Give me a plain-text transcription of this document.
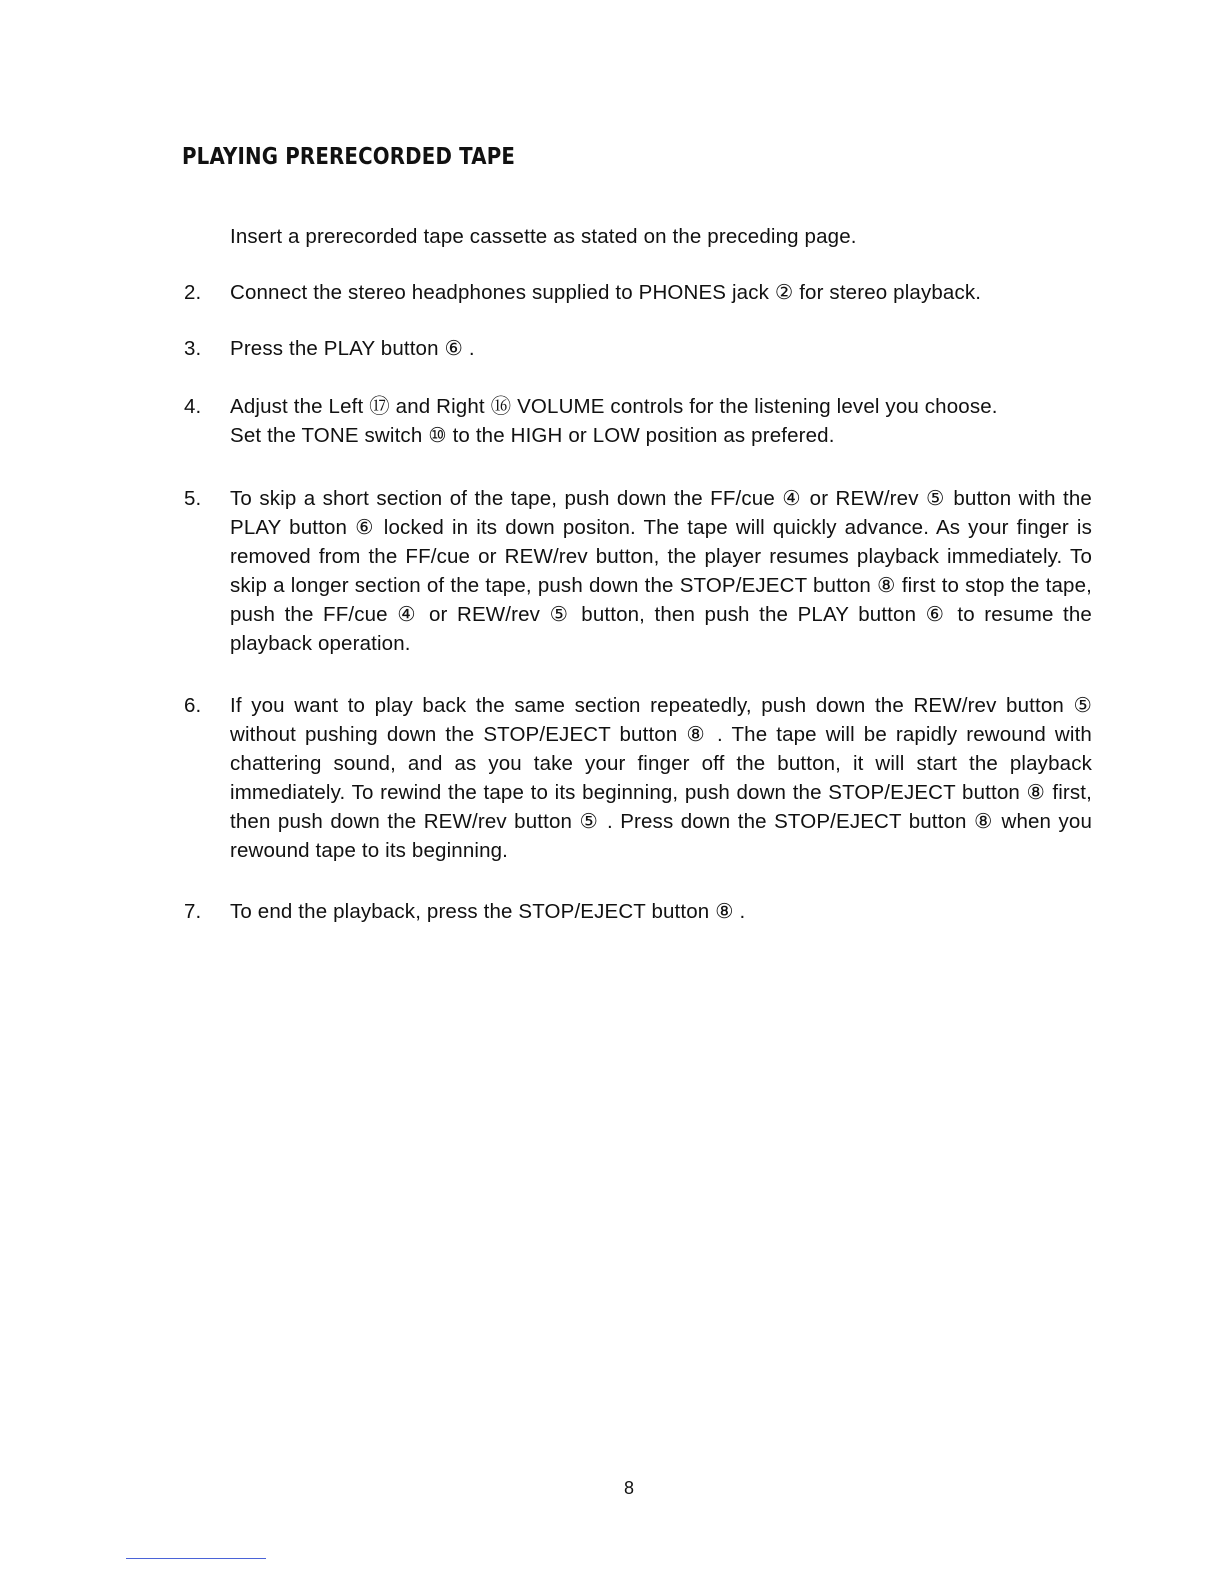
PLAYING PRERECORDED TAPE
Insert a prerecorded tape cassette as stated on the preceding page.
2. Connect the stereo headphones supplied to PHONES jack ② for stereo playback.
3. Press the PLAY button ⑥ .
4. Adjust the Left ⑰ and Right ⑯ VOLUME controls for the listening level you choose.
Set the TONE switch ⑩ to the HIGH or LOW position as prefered.
5. To skip a short section of the tape, push down the FF/cue ④ or REW/rev ⑤ button with the PLAY button ⑥ locked in its down positon. The tape will quickly advance. As your finger is removed from the FF/cue or REW/rev button, the player resumes playback immediately. To skip a longer section of the tape, push down the STOP/EJECT button ⑧ first to stop the tape, push the FF/cue ④ or REW/rev ⑤ button, then push the PLAY button ⑥ to resume the playback operation.
6. If you want to play back the same section repeatedly, push down the REW/rev button ⑤ without pushing down the STOP/EJECT button ⑧ . The tape will be rapidly rewound with chattering sound, and as you take your finger off the button, it will start the playback immediately. To rewind the tape to its beginning, push down the STOP/EJECT button ⑧ first, then push down the REW/rev button ⑤ . Press down the STOP/EJECT button ⑧ when you rewound tape to its beginning.
7. To end the playback, press the STOP/EJECT button ⑧ .
8
